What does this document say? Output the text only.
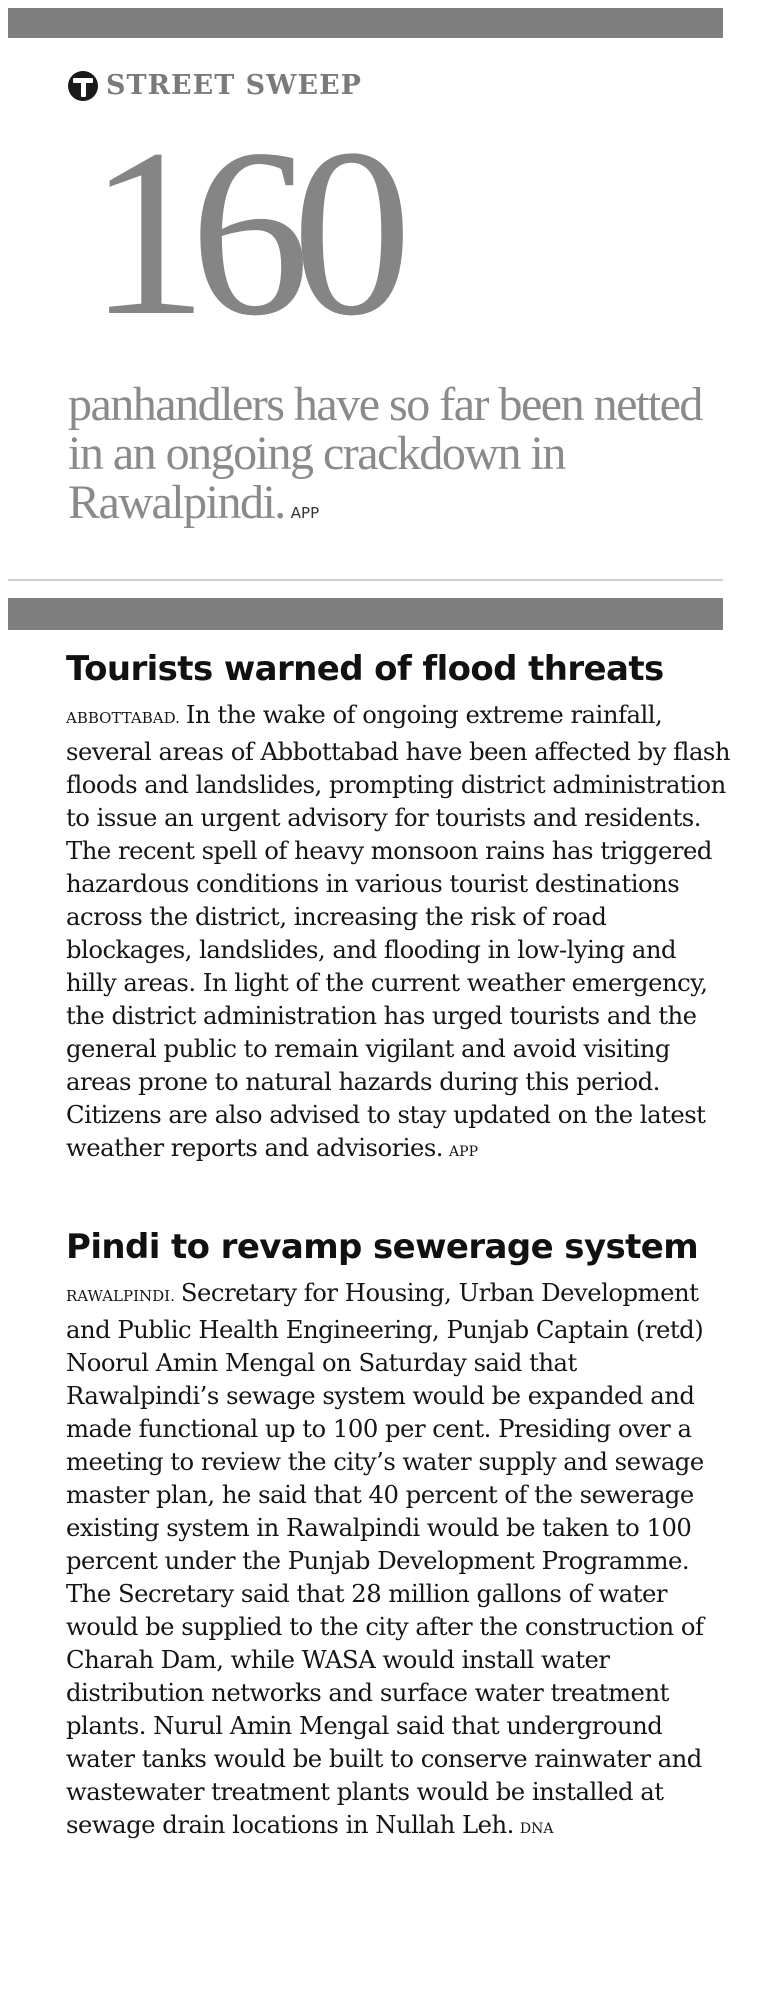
STREET SWEEP
160
panhandlers have so far been netted in an ongoing crackdown in Rawalpindi. APP
Tourists warned of flood threats

ABBOTTABAD. In the wake of ongoing extreme rainfall, several areas of Abbottabad have been affected by flash floods and landslides, prompting district administration to issue an urgent advisory for tourists and residents. The recent spell of heavy monsoon rains has triggered hazardous conditions in various tourist destinations across the district, increasing the risk of road blockages, landslides, and flooding in low-lying and hilly areas. In light of the current weather emergency, the district administration has urged tourists and the general public to remain vigilant and avoid visiting areas prone to natural hazards during this period. Citizens are also advised to stay updated on the latest weather reports and advisories. APP

Pindi to revamp sewerage system

RAWALPINDI. Secretary for Housing, Urban Development and Public Health Engineering, Punjab Captain (retd) Noorul Amin Mengal on Saturday said that Rawalpindi’s sewage system would be expanded and made functional up to 100 per cent. Presiding over a meeting to review the city’s water supply and sewage master plan, he said that 40 percent of the sewerage existing system in Rawalpindi would be taken to 100 percent under the Punjab Development Programme. The Secretary said that 28 million gallons of water would be supplied to the city after the construction of Charah Dam, while WASA would install water distribution networks and surface water treatment plants. Nurul Amin Mengal said that underground water tanks would be built to conserve rainwater and wastewater treatment plants would be installed at sewage drain locations in Nullah Leh. DNA
